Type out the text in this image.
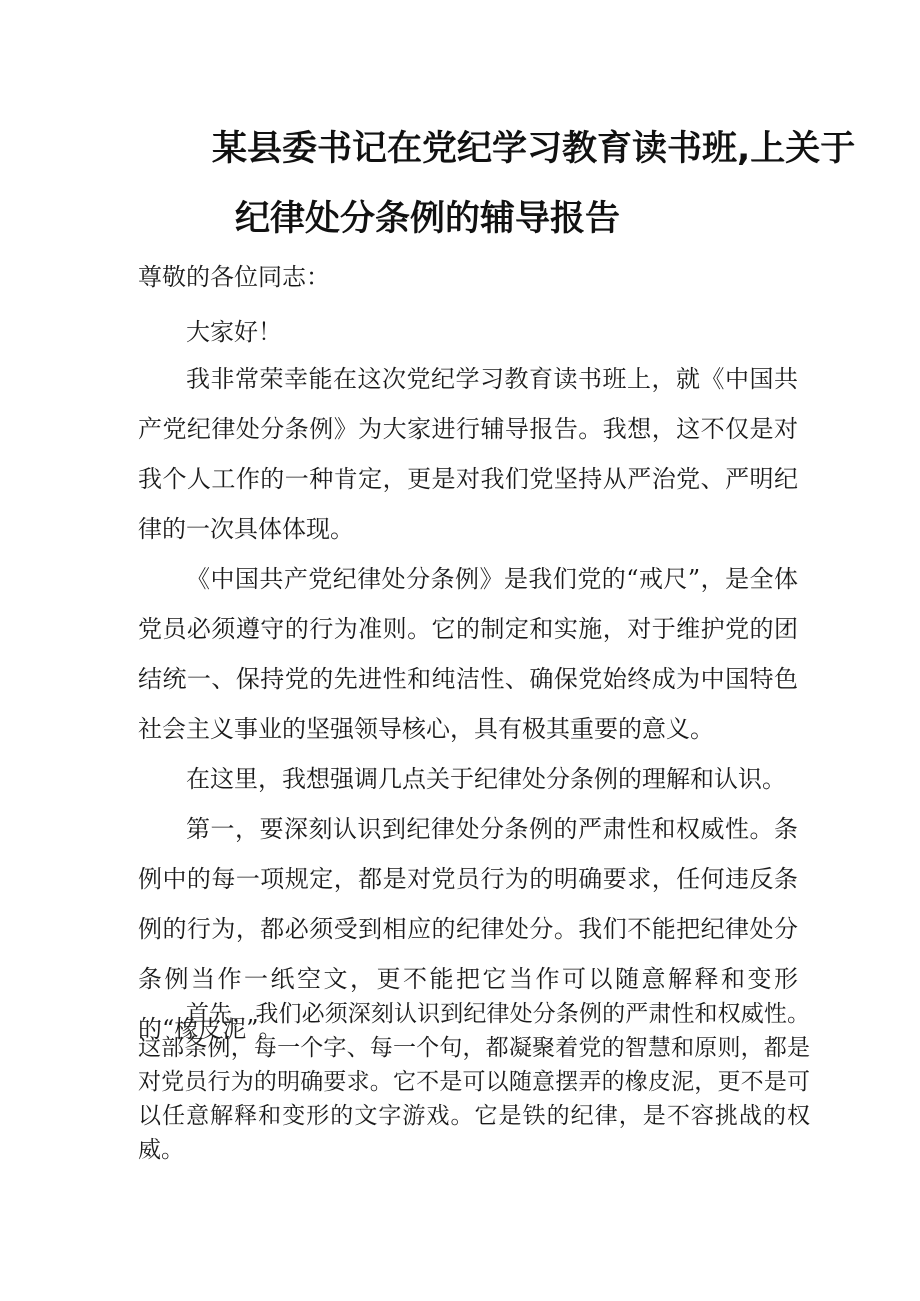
某县委书记在党纪学习教育读书班,上关于
纪律处分条例的辅导报告

尊敬的各位同志：

大家好！

我非常荣幸能在这次党纪学习教育读书班上，就《中国共产党纪律处分条例》为大家进行辅导报告。我想，这不仅是对我个人工作的一种肯定，更是对我们党坚持从严治党、严明纪律的一次具体体现。

《中国共产党纪律处分条例》是我们党的“戒尺”，是全体党员必须遵守的行为准则。它的制定和实施，对于维护党的团结统一、保持党的先进性和纯洁性、确保党始终成为中国特色社会主义事业的坚强领导核心，具有极其重要的意义。

在这里，我想强调几点关于纪律处分条例的理解和认识。

第一，要深刻认识到纪律处分条例的严肃性和权威性。条例中的每一项规定，都是对党员行为的明确要求，任何违反条例的行为，都必须受到相应的纪律处分。我们不能把纪律处分条例当作一纸空文，更不能把它当作可以随意解释和变形的“橡皮泥”。

首先，我们必须深刻认识到纪律处分条例的严肃性和权威性。这部条例，每一个字、每一个句，都凝聚着党的智慧和原则，都是对党员行为的明确要求。它不是可以随意摆弄的橡皮泥，更不是可以任意解释和变形的文字游戏。它是铁的纪律，是不容挑战的权威。
